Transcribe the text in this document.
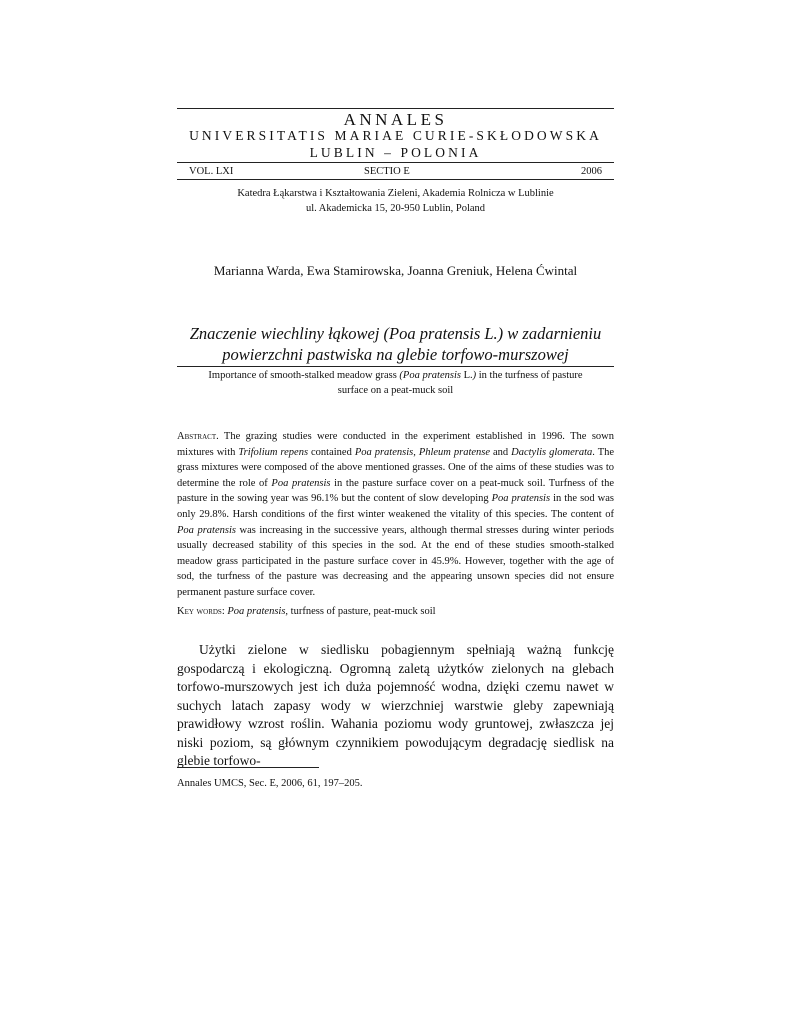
ANNALES
UNIVERSITATIS MARIAE CURIE-SKŁODOWSKA
LUBLIN – POLONIA
VOL. LXI	SECTIO E	2006
Katedra Łąkarstwa i Kształtowania Zieleni, Akademia Rolnicza w Lublinie
ul. Akademicka 15, 20-950 Lublin, Poland
Marianna Warda, Ewa Stamirowska, Joanna Greniuk, Helena Ćwintal
Znaczenie wiechliny łąkowej (Poa pratensis L.) w zadarnieniu
powierzchni pastwiska na glebie torfowo-murszowej
Importance of smooth-stalked meadow grass (Poa pratensis L.) in the turfness of pasture
surface on a peat-muck soil
Abstract. The grazing studies were conducted in the experiment established in 1996. The sown mixtures with Trifolium repens contained Poa pratensis, Phleum pratense and Dactylis glomerata. The grass mixtures were composed of the above mentioned grasses. One of the aims of these studies was to determine the role of Poa pratensis in the pasture surface cover on a peat-muck soil. Turfness of the pasture in the sowing year was 96.1% but the content of slow developing Poa pratensis in the sod was only 29.8%. Harsh conditions of the first winter weakened the vitality of this species. The content of Poa pratensis was increasing in the successive years, although thermal stresses during winter periods usually decreased stability of this species in the sod. At the end of these studies smooth-stalked meadow grass participated in the pasture surface cover in 45.9%. However, together with the age of sod, the turfness of the pasture was decreasing and the appearing unsown species did not ensure permanent pasture surface cover.
Key words: Poa pratensis, turfness of pasture, peat-muck soil
Użytki zielone w siedlisku pobagiennym spełniają ważną funkcję gospodarczą i ekologiczną. Ogromną zaletą użytków zielonych na glebach torfowo-murszowych jest ich duża pojemność wodna, dzięki czemu nawet w suchych latach zapasy wody w wierzchniej warstwie gleby zapewniają prawidłowy wzrost roślin. Wahania poziomu wody gruntowej, zwłaszcza jej niski poziom, są głównym czynnikiem powodującym degradację siedlisk na glebie torfowo-
Annales UMCS, Sec. E, 2006, 61, 197–205.
